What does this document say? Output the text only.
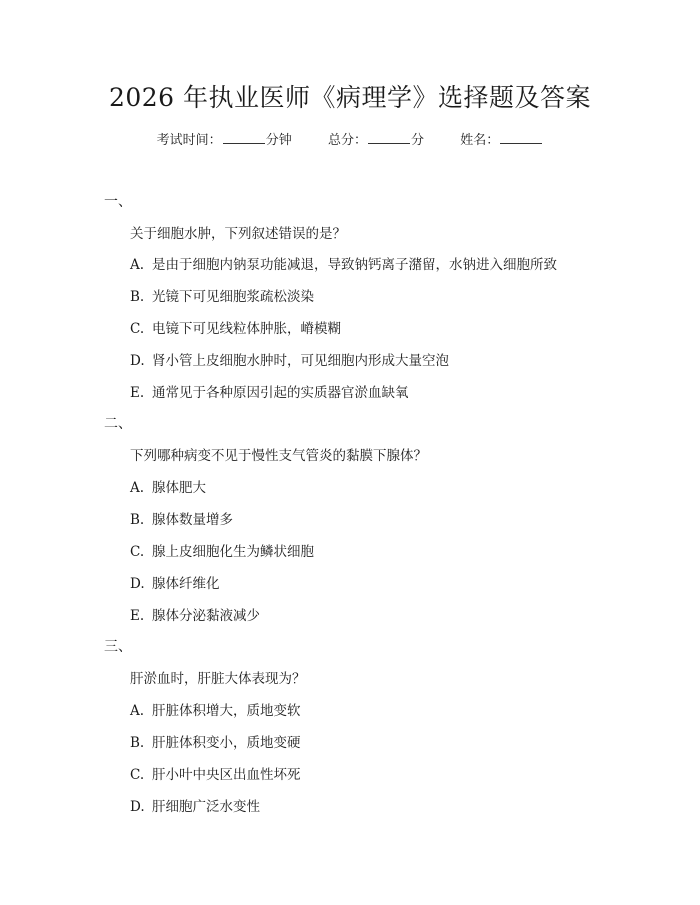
2026 年执业医师《病理学》选择题及答案
考试时间：	分钟	总分：	分	姓名：
一、
关于细胞水肿，下列叙述错误的是？
A. 是由于细胞内钠泵功能减退，导致钠钙离子潴留，水钠进入细胞所致
B. 光镜下可见细胞浆疏松淡染
C. 电镜下可见线粒体肿胀，嵴模糊
D. 肾小管上皮细胞水肿时，可见细胞内形成大量空泡
E. 通常见于各种原因引起的实质器官淤血缺氧
二、
下列哪种病变不见于慢性支气管炎的黏膜下腺体？
A. 腺体肥大
B. 腺体数量增多
C. 腺上皮细胞化生为鳞状细胞
D. 腺体纤维化
E. 腺体分泌黏液减少
三、
肝淤血时，肝脏大体表现为？
A. 肝脏体积增大，质地变软
B. 肝脏体积变小，质地变硬
C. 肝小叶中央区出血性坏死
D. 肝细胞广泛水变性
